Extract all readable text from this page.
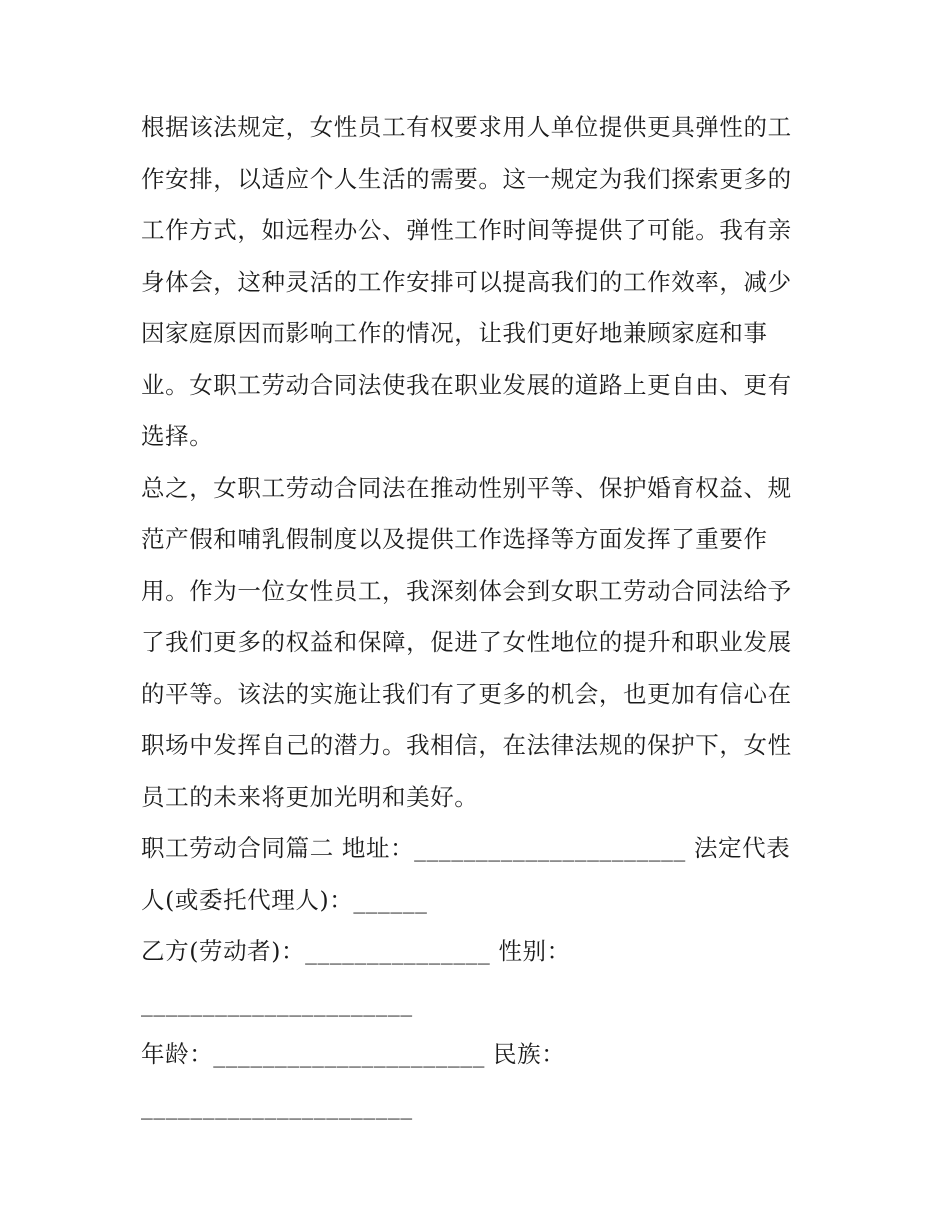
根据该法规定，女性员工有权要求用人单位提供更具弹性的工
作安排，以适应个人生活的需要。这一规定为我们探索更多的
工作方式，如远程办公、弹性工作时间等提供了可能。我有亲
身体会，这种灵活的工作安排可以提高我们的工作效率，减少
因家庭原因而影响工作的情况，让我们更好地兼顾家庭和事
业。女职工劳动合同法使我在职业发展的道路上更自由、更有
选择。
总之，女职工劳动合同法在推动性别平等、保护婚育权益、规
范产假和哺乳假制度以及提供工作选择等方面发挥了重要作
用。作为一位女性员工，我深刻体会到女职工劳动合同法给予
了我们更多的权益和保障，促进了女性地位的提升和职业发展
的平等。该法的实施让我们有了更多的机会，也更加有信心在
职场中发挥自己的潜力。我相信，在法律法规的保护下，女性
员工的未来将更加光明和美好。
职工劳动合同篇二 地址：______________________ 法定代表
人(或委托代理人)：______
乙方(劳动者)：_______________ 性别：
______________________
年龄：______________________ 民族：
______________________
